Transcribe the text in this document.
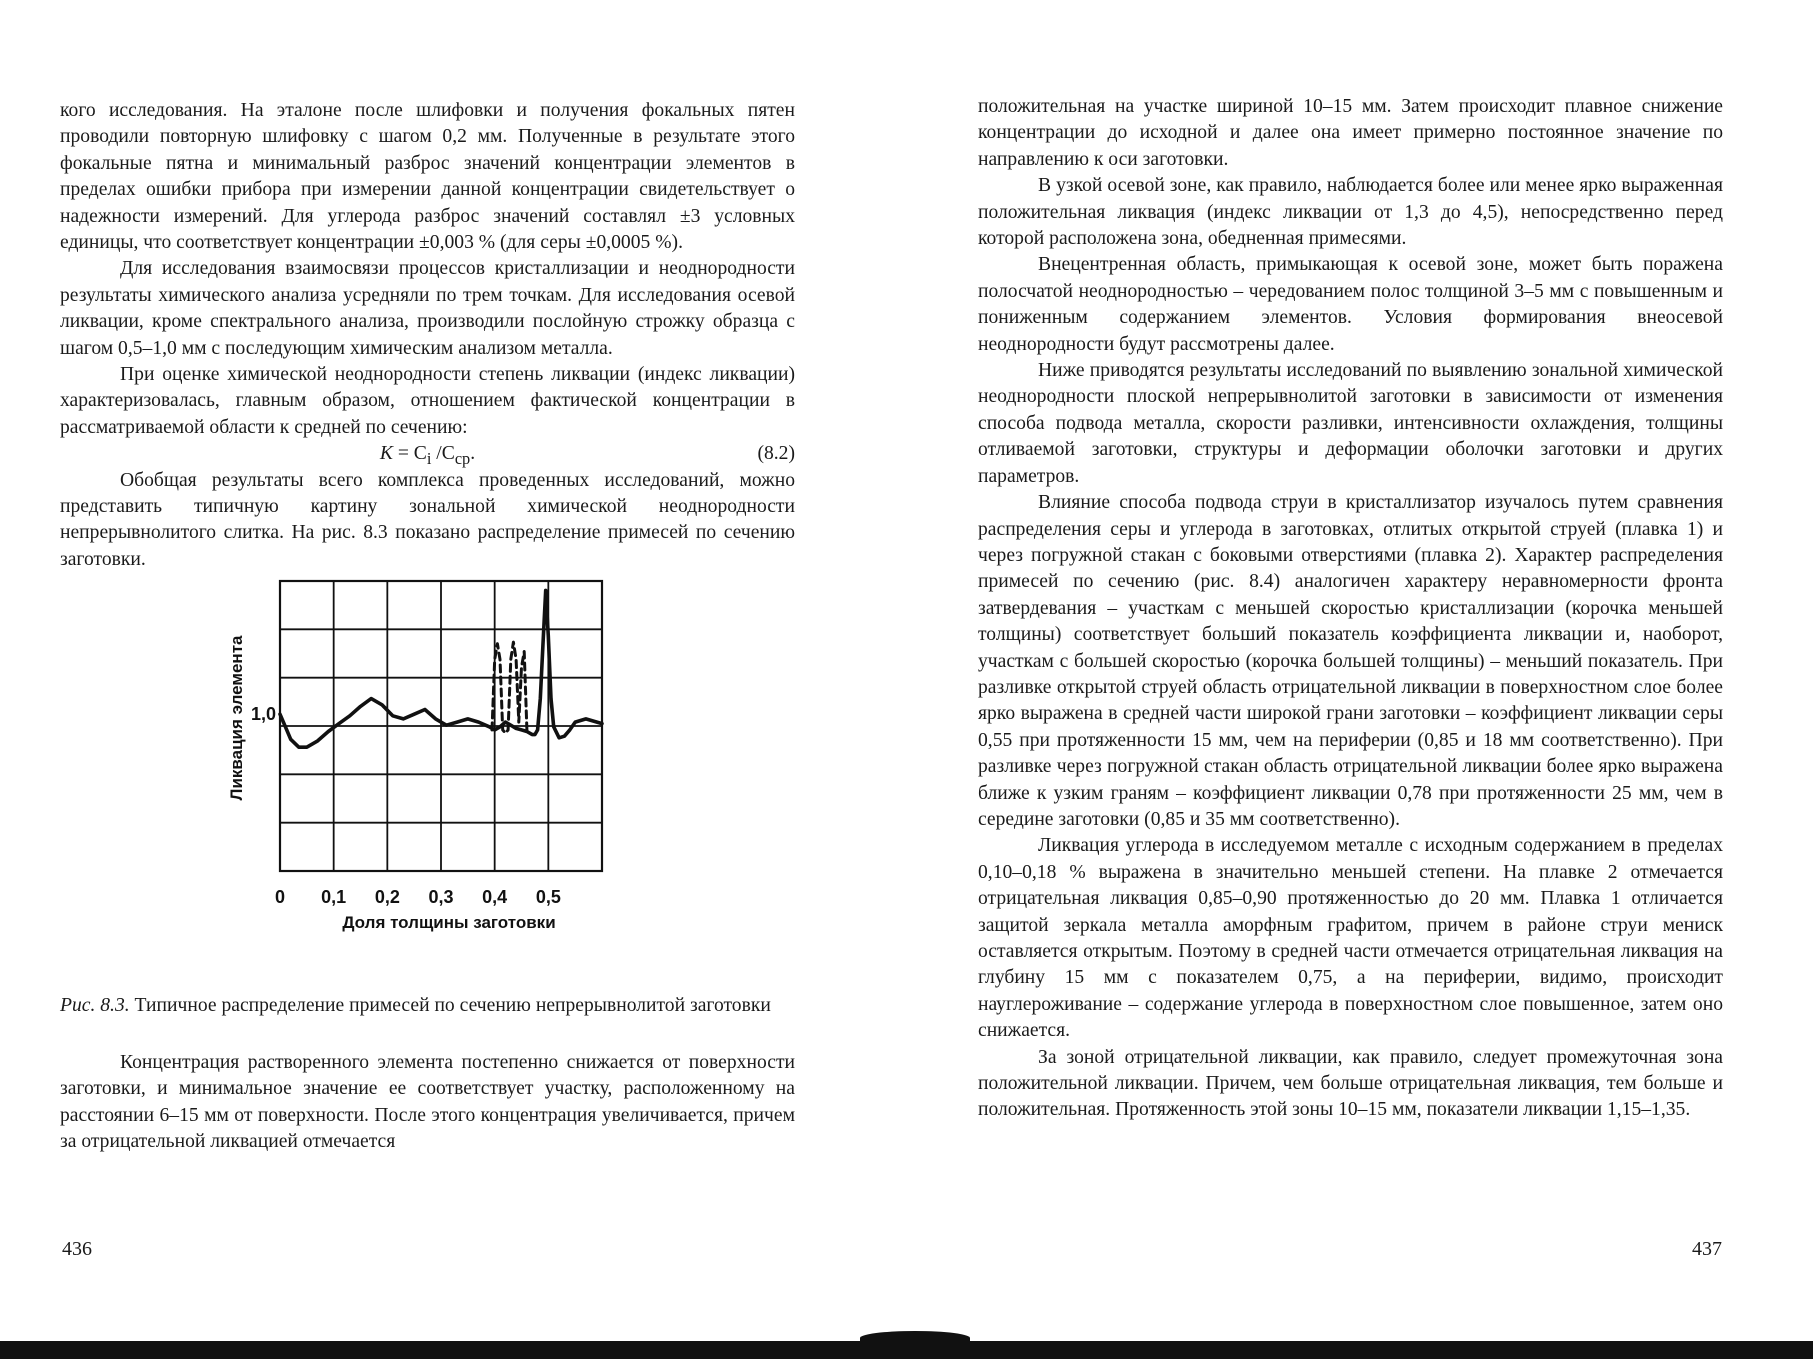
кого исследования. На эталоне после шлифовки и получения фокальных пятен проводили повторную шлифовку с шагом 0,2 мм. Полученные в результате этого фокальные пятна и минимальный разброс значений концентрации элементов в пределах ошибки прибора при измерении данной концентрации свидетельствует о надежности измерений. Для углерода разброс значений составлял ±3 условных единицы, что соответствует концентрации ±0,003 % (для серы ±0,0005 %).

Для исследования взаимосвязи процессов кристаллизации и неоднородности результаты химического анализа усредняли по трем точкам. Для исследования осевой ликвации, кроме спектрального анализа, производили послойную строжку образца с шагом 0,5–1,0 мм с последующим химическим анализом металла.

При оценке химической неоднородности степень ликвации (индекс ликвации) характеризовалась, главным образом, отношением фактической концентрации в рассматриваемой области к средней по сечению:

$K = C_i$ $/C_{ср}$.	(8.2)

Обобщая результаты всего комплекса проведенных исследований, можно представить типичную картину зональной химической неоднородности непрерывнолитого слитка. На рис. 8.3 показано распределение примесей по сечению заготовки.

0 0,1 0,2 0,3 0,4 0,5
Доля толщины заготовки
1,0
Ликвация элемента

Рис. 8.3. Типичное распределение примесей по сечению непрерывнолитой заготовки

Концентрация растворенного элемента постепенно снижается от поверхности заготовки, и минимальное значение ее соответствует участку, расположенному на расстоянии 6–15 мм от поверхности. После этого концентрация увеличивается, причем за отрицательной ликвацией отмечается

436

положительная на участке шириной 10–15 мм. Затем происходит плавное снижение концентрации до исходной и далее она имеет примерно постоянное значение по направлению к оси заготовки.

В узкой осевой зоне, как правило, наблюдается более или менее ярко выраженная положительная ликвация (индекс ликвации от 1,3 до 4,5), непосредственно перед которой расположена зона, обедненная примесями.

Внецентренная область, примыкающая к осевой зоне, может быть поражена полосчатой неоднородностью – чередованием полос толщиной 3–5 мм с повышенным и пониженным содержанием элементов. Условия формирования внеосевой неоднородности будут рассмотрены далее.

Ниже приводятся результаты исследований по выявлению зональной химической неоднородности плоской непрерывнолитой заготовки в зависимости от изменения способа подвода металла, скорости разливки, интенсивности охлаждения, толщины отливаемой заготовки, структуры и деформации оболочки заготовки и других параметров.

Влияние способа подвода струи в кристаллизатор изучалось путем сравнения распределения серы и углерода в заготовках, отлитых открытой струей (плавка 1) и через погружной стакан с боковыми отверстиями (плавка 2). Характер распределения примесей по сечению (рис. 8.4) аналогичен характеру неравномерности фронта затвердевания – участкам с меньшей скоростью кристаллизации (корочка меньшей толщины) соответствует больший показатель коэффициента ликвации и, наоборот, участкам с большей скоростью (корочка большей толщины) – меньший показатель. При разливке открытой струей область отрицательной ликвации в поверхностном слое более ярко выражена в средней части широкой грани заготовки – коэффициент ликвации серы 0,55 при протяженности 15 мм, чем на периферии (0,85 и 18 мм соответственно). При разливке через погружной стакан область отрицательной ликвации более ярко выражена ближе к узким граням – коэффициент ликвации 0,78 при протяженности 25 мм, чем в середине заготовки (0,85 и 35 мм соответственно).

Ликвация углерода в исследуемом металле с исходным содержанием в пределах 0,10–0,18 % выражена в значительно меньшей степени. На плавке 2 отмечается отрицательная ликвация 0,85–0,90 протяженностью до 20 мм. Плавка 1 отличается защитой зеркала металла аморфным графитом, причем в районе струи мениск оставляется открытым. Поэтому в средней части отмечается отрицательная ликвация на глубину 15 мм с показателем 0,75, а на периферии, видимо, происходит науглероживание – содержание углерода в поверхностном слое повышенное, затем оно снижается.

За зоной отрицательной ликвации, как правило, следует промежуточная зона положительной ликвации. Причем, чем больше отрицательная ликвация, тем больше и положительная. Протяженность этой зоны 10–15 мм, показатели ликвации 1,15–1,35.

437
